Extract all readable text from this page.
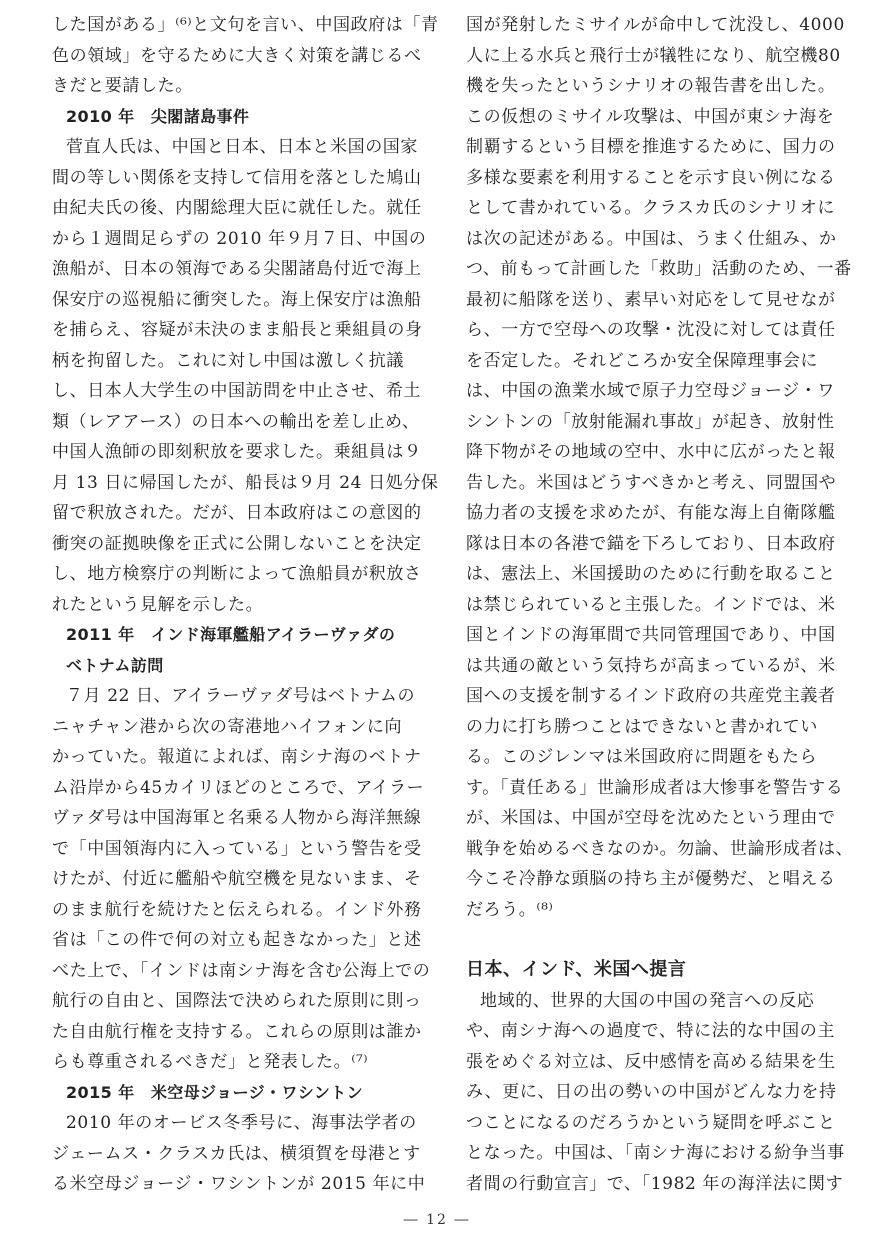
した国がある」⁽⁶⁾と文句を言い、中国政府は「青
色の領域」を守るために大きく対策を講じるべ
きだと要請した。
2010 年　尖閣諸島事件
菅直人氏は、中国と日本、日本と米国の国家
間の等しい関係を支持して信用を落とした鳩山
由紀夫氏の後、内閣総理大臣に就任した。就任
から１週間足らずの 2010 年９月７日、中国の
漁船が、日本の領海である尖閣諸島付近で海上
保安庁の巡視船に衝突した。海上保安庁は漁船
を捕らえ、容疑が未決のまま船長と乗組員の身
柄を拘留した。これに対し中国は激しく抗議
し、日本人大学生の中国訪問を中止させ、希土
類（レアアース）の日本への輸出を差し止め、
中国人漁師の即刻釈放を要求した。乗組員は９
月 13 日に帰国したが、船長は９月 24 日処分保
留で釈放された。だが、日本政府はこの意図的
衝突の証拠映像を正式に公開しないことを決定
し、地方検察庁の判断によって漁船員が釈放さ
れたという見解を示した。
2011 年　インド海軍艦船アイラーヴァダの
ベトナム訪問
７月 22 日、アイラーヴァダ号はベトナムの
ニャチャン港から次の寄港地ハイフォンに向
かっていた。報道によれば、南シナ海のベトナ
ム沿岸から45カイリほどのところで、アイラー
ヴァダ号は中国海軍と名乗る人物から海洋無線
で「中国領海内に入っている」という警告を受
けたが、付近に艦船や航空機を見ないまま、そ
のまま航行を続けたと伝えられる。インド外務
省は「この件で何の対立も起きなかった」と述
べた上で、「インドは南シナ海を含む公海上での
航行の自由と、国際法で決められた原則に則っ
た自由航行権を支持する。これらの原則は誰か
らも尊重されるべきだ」と発表した。⁽⁷⁾
2015 年　米空母ジョージ・ワシントン
2010 年のオービス冬季号に、海事法学者の
ジェームス・クラスカ氏は、横須賀を母港とす
る米空母ジョージ・ワシントンが 2015 年に中
国が発射したミサイルが命中して沈没し、4000
人に上る水兵と飛行士が犠牲になり、航空機80
機を失ったというシナリオの報告書を出した。
この仮想のミサイル攻撃は、中国が東シナ海を
制覇するという目標を推進するために、国力の
多様な要素を利用することを示す良い例になる
として書かれている。クラスカ氏のシナリオに
は次の記述がある。中国は、うまく仕組み、か
つ、前もって計画した「救助」活動のため、一番
最初に船隊を送り、素早い対応をして見せなが
ら、一方で空母への攻撃・沈没に対しては責任
を否定した。それどころか安全保障理事会に
は、中国の漁業水域で原子力空母ジョージ・ワ
シントンの「放射能漏れ事故」が起き、放射性
降下物がその地域の空中、水中に広がったと報
告した。米国はどうすべきかと考え、同盟国や
協力者の支援を求めたが、有能な海上自衛隊艦
隊は日本の各港で錨を下ろしており、日本政府
は、憲法上、米国援助のために行動を取ること
は禁じられていると主張した。インドでは、米
国とインドの海軍間で共同管理国であり、中国
は共通の敵という気持ちが高まっているが、米
国への支援を制するインド政府の共産党主義者
の力に打ち勝つことはできないと書かれてい
る。このジレンマは米国政府に問題をもたら
す。「責任ある」世論形成者は大惨事を警告する
が、米国は、中国が空母を沈めたという理由で
戦争を始めるべきなのか。勿論、世論形成者は、
今こそ冷静な頭脳の持ち主が優勢だ、と唱える
だろう。⁽⁸⁾
日本、インド、米国へ提言
地域的、世界的大国の中国の発言への反応
や、南シナ海への過度で、特に法的な中国の主
張をめぐる対立は、反中感情を高める結果を生
み、更に、日の出の勢いの中国がどんな力を持
つことになるのだろうかという疑問を呼ぶこと
となった。中国は、「南シナ海における紛争当事
者間の行動宣言」で、「1982 年の海洋法に関す
― 12 ―
